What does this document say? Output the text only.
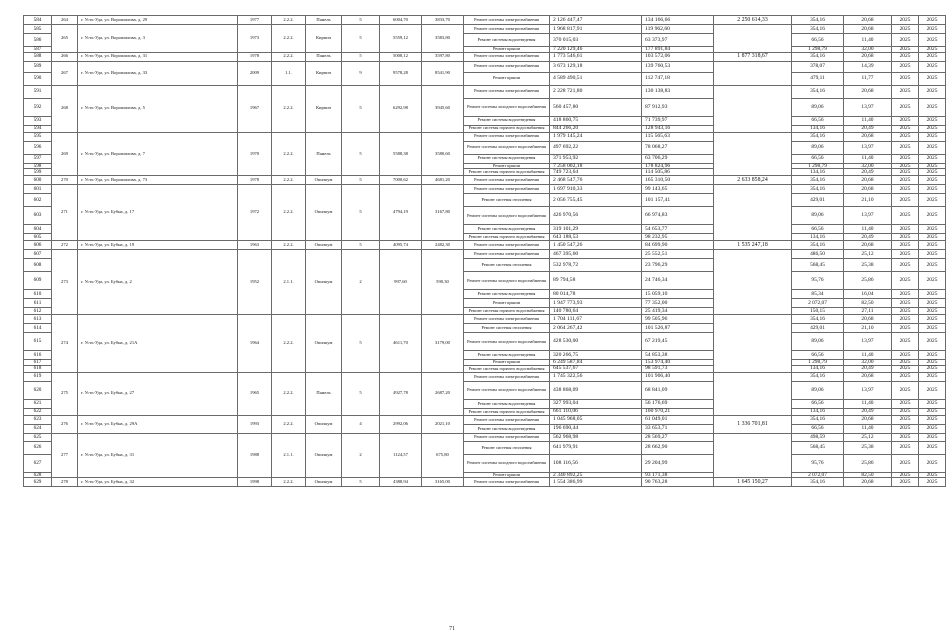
584	264	г. Усть-Уда, ул. Ворошилова, д. 29	1977	2.2.2.	Панель	5	6004,70	3833,70	Ремонт системы электроснабжения	2 126 447,47	134 166,66	2 250 614,33	354,16	20,68	2025	2025
585	265	г. Усть-Уда, ул. Ворошилова, д. 3	1973	2.2.2.	Кирпич	5	5559,12	3583,80	Ремонт системы электроснабжения	1 968 817,91	119 962,60		354,16	20,68	2025	2025
586									Ремонт системы водоотведения	370 015,03	63 373,97		66,56	11,40	2025	2025
587									Ремонт крыши	7 220 129,46	177 891,84		1 298,79	32,00	2025	2025
588	266	г. Усть-Уда, ул. Ворошилова, д. 31	1978	2.2.2.	Панель	5	5008,12	3597,80	Ремонт системы электроснабжения	1 773 546,61	103 572,06	1 877 318,67	354,16	20,68	2025	2025
589	267	г. Усть-Уда, ул. Ворошилова, д. 33	2009	1.1.	Кирпич	9	9578,28	8541,90	Ремонт системы электроснабжения	3 673 129,18	139 760,53		378,07	14,39	2025	2025
590									Ремонт крыши	4 589 490,51	112 747,18		479,11	11,77	2025	2025
591	268	г. Усть-Уда, ул. Ворошилова, д. 5	1967	2.2.2.	Кирпич	5	6292,98	3945,60	Ремонт системы электроснабжения	2 228 721,80	130 138,83		354,16	20,68	2025	2025
592									Ремонт системы холодного водоснабжения	560 457,80	87 912,93		89,06	13,97	2025	2025
593									Ремонт системы водоотведения	418 860,75	71 739,97		66,56	11,40	2025	2025
594									Ремонт системы горячего водоснабжения	844 266,20	128 943,16		134,16	20,49	2025	2025
595	269	г. Усть-Уда, ул. Ворошилова, д. 7	1970	2.2.2.	Панель	5	5588,38	3580,60	Ремонт системы электроснабжения	1 979 145,24	115 565,63		354,16	20,68	2025	2025
596									Ремонт системы холодного водоснабжения	497 692,22	78 068,27		89,06	13,97	2025	2025
597									Ремонт системы водоотведения	371 953,92	63 706,29		66,56	11,40	2025	2025
598									Ремонт крыши	7 258 002,18	178 824,96		1 298,79	32,00	2025	2025
599									Ремонт системы горячего водоснабжения	749 723,64	114 505,86		134,16	20,49	2025	2025
600	270	г. Усть-Уда, ул. Ворошилова, д. 73	1978	2.2.2.	Опилкум	5	7000,62	4681,20	Ремонт системы электроснабжения	2 468 547,76	165 310,50	2 633 858,24	354,16	20,68	2025	2025
601	271	г. Усть-Уда, ул. Бубна, д. 17	1972	2.2.2.	Опилкум	5	4794,19	3167,80	Ремонт системы электроснабжения	1 697 910,33	99 143,65		354,16	20,68	2025	2025
602									Ремонт системы отопления	2 056 755,45	101 157,41		429,01	21,10	2025	2025
603									Ремонт системы холодного водоснабжения	426 970,56	66 974,83		89,06	13,97	2025	2025
604									Ремонт системы водоотведения	319 101,29	54 653,77		66,56	11,40	2025	2025
605									Ремонт системы горячего водоснабжения	643 188,53	98 232,95		134,16	20,49	2025	2025
606	272	г. Усть-Уда, ул. Бубна, д. 19	1963	2.2.2.	Опилкум	5	4095,74	2482,30	Ремонт системы электроснабжения	1 450 547,26	84 699,90	1 535 247,18	354,16	20,68	2025	2025
607	273	г. Усть-Уда, ул. Бубна, д. 2	1952	2.1.1.	Опилкум	2	997,60	590,30	Ремонт системы электроснабжения	467 395,60	25 552,51		486,50	25,12	2025	2025
608									Ремонт системы отопления	532 978,72	23 796,29		568,45	25,38	2025	2025
609									Ремонт системы холодного водоснабжения	89 794,58	24 746,34		95,76	25,86	2025	2025
610									Ремонт системы водоотведения	80 014,78	15 059,10		85,34	16,04	2025	2025
611									Ремонт крыши	1 947 773,93	77 352,00		2 072,07	82,50	2025	2025
612									Ремонт системы горячего водоснабжения	140 780,64	25 419,34		150,15	27,11	2025	2025
613	274	г. Усть-Уда, ул. Бубна, д. 21А	1964	2.2.2.	Опилкум	5	4611,70	3179,00	Ремонт системы электроснабжения	1 704 111,67	99 505,96		354,16	20,68	2025	2025
614									Ремонт системы отопления	2 064 267,42	101 526,87		429,01	21,10	2025	2025
615									Ремонт системы холодного водоснабжения	428 530,00	67 219,45		89,06	13,97	2025	2025
616									Ремонт системы водоотведения	320 266,75	54 853,38		66,56	11,40	2025	2025
617									Ремонт крыши	6 249 587,84	153 974,40		1 298,79	32,00	2025	2025
618									Ремонт системы горячего водоснабжения	645 537,67	98 591,73		134,16	20,49	2025	2025
619	275	г. Усть-Уда, ул. Бубна, д. 27	1965	2.2.2.	Панель	5	4927,78	2687,20	Ремонт системы электроснабжения	1 745 322,56	101 906,40		354,16	20,68	2025	2025
620									Ремонт системы холодного водоснабжения	438 868,09	68 841,09		89,06	13,97	2025	2025
621									Ремонт системы водоотведения	327 993,04	56 176,69		66,56	11,40	2025	2025
622									Ремонт системы горячего водоснабжения	661 110,06	100 970,21		134,16	20,49	2025	2025
623	276	г. Усть-Уда, ул. Бубна, д. 29А	1993	2.2.2.	Опилкум	4	2992,06	2021,10	Ремонт системы электроснабжения	1 045 968,05	61 049,01	1 336 701,81	354,16	20,68	2025	2025
624									Ремонт системы водоотведения	196 690,44	33 653,71		66,56	11,40	2025	2025
625	277	г. Усть-Уда, ул. Бубна, д. 31	1988	2.1.1.	Опилкум	2	1124,57	675,80	Ремонт системы электроснабжения	562 968,98	28 569,27		498,59	25,12	2025	2025
626									Ремонт системы отопления	641 979,91	28 662,90		568,45	25,38	2025	2025
627									Ремонт системы холодного водоснабжения	108 116,56	29 204,99		95,76	25,86	2025	2025
628									Ремонт крыши	2 340 892,25	93 171,38		2 072,07	82,50	2025	2025
629	278	г. Усть-Уда, ул. Бубна, д. 32	1998	2.2.2.	Опилкум	5	4388,94	3165,00	Ремонт системы электроснабжения	1 554 386,99	90 763,28	1 645 150,27	354,16	20,68	2025	2025
71
